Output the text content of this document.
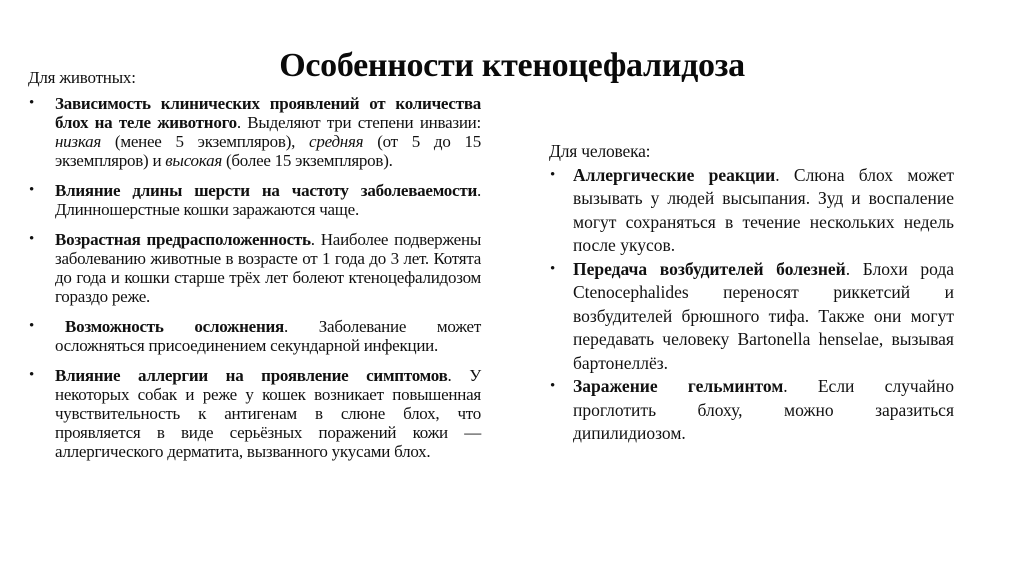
Особенности ктеноцефалидоза
Для животных:
• Зависимость клинических проявлений от количества блох на теле животного. Выделяют три степени инвазии: низкая (менее 5 экземпляров), средняя (от 5 до 15 экземпляров) и высокая (более 15 экземпляров).
• Влияние длины шерсти на частоту заболеваемости. Длинношерстные кошки заражаются чаще.
• Возрастная предрасположенность. Наиболее подвержены заболеванию животные в возрасте от 1 года до 3 лет. Котята до года и кошки старше трёх лет болеют ктеноцефалидозом гораздо реже.
• Возможность осложнения. Заболевание может осложняться присоединением секундарной инфекции.
• Влияние аллергии на проявление симптомов. У некоторых собак и реже у кошек возникает повышенная чувствительность к антигенам в слюне блох, что проявляется в виде серьёзных поражений кожи — аллергического дерматита, вызванного укусами блох.
Для человека:
• Аллергические реакции. Слюна блох может вызывать у людей высыпания. Зуд и воспаление могут сохраняться в течение нескольких недель после укусов.
• Передача возбудителей болезней. Блохи рода Ctenocephalides переносят риккетсий и возбудителей брюшного тифа. Также они могут передавать человеку Bartonella henselae, вызывая бартонеллёз.
• Заражение гельминтом. Если случайно проглотить блоху, можно заразиться дипилидиозом.
